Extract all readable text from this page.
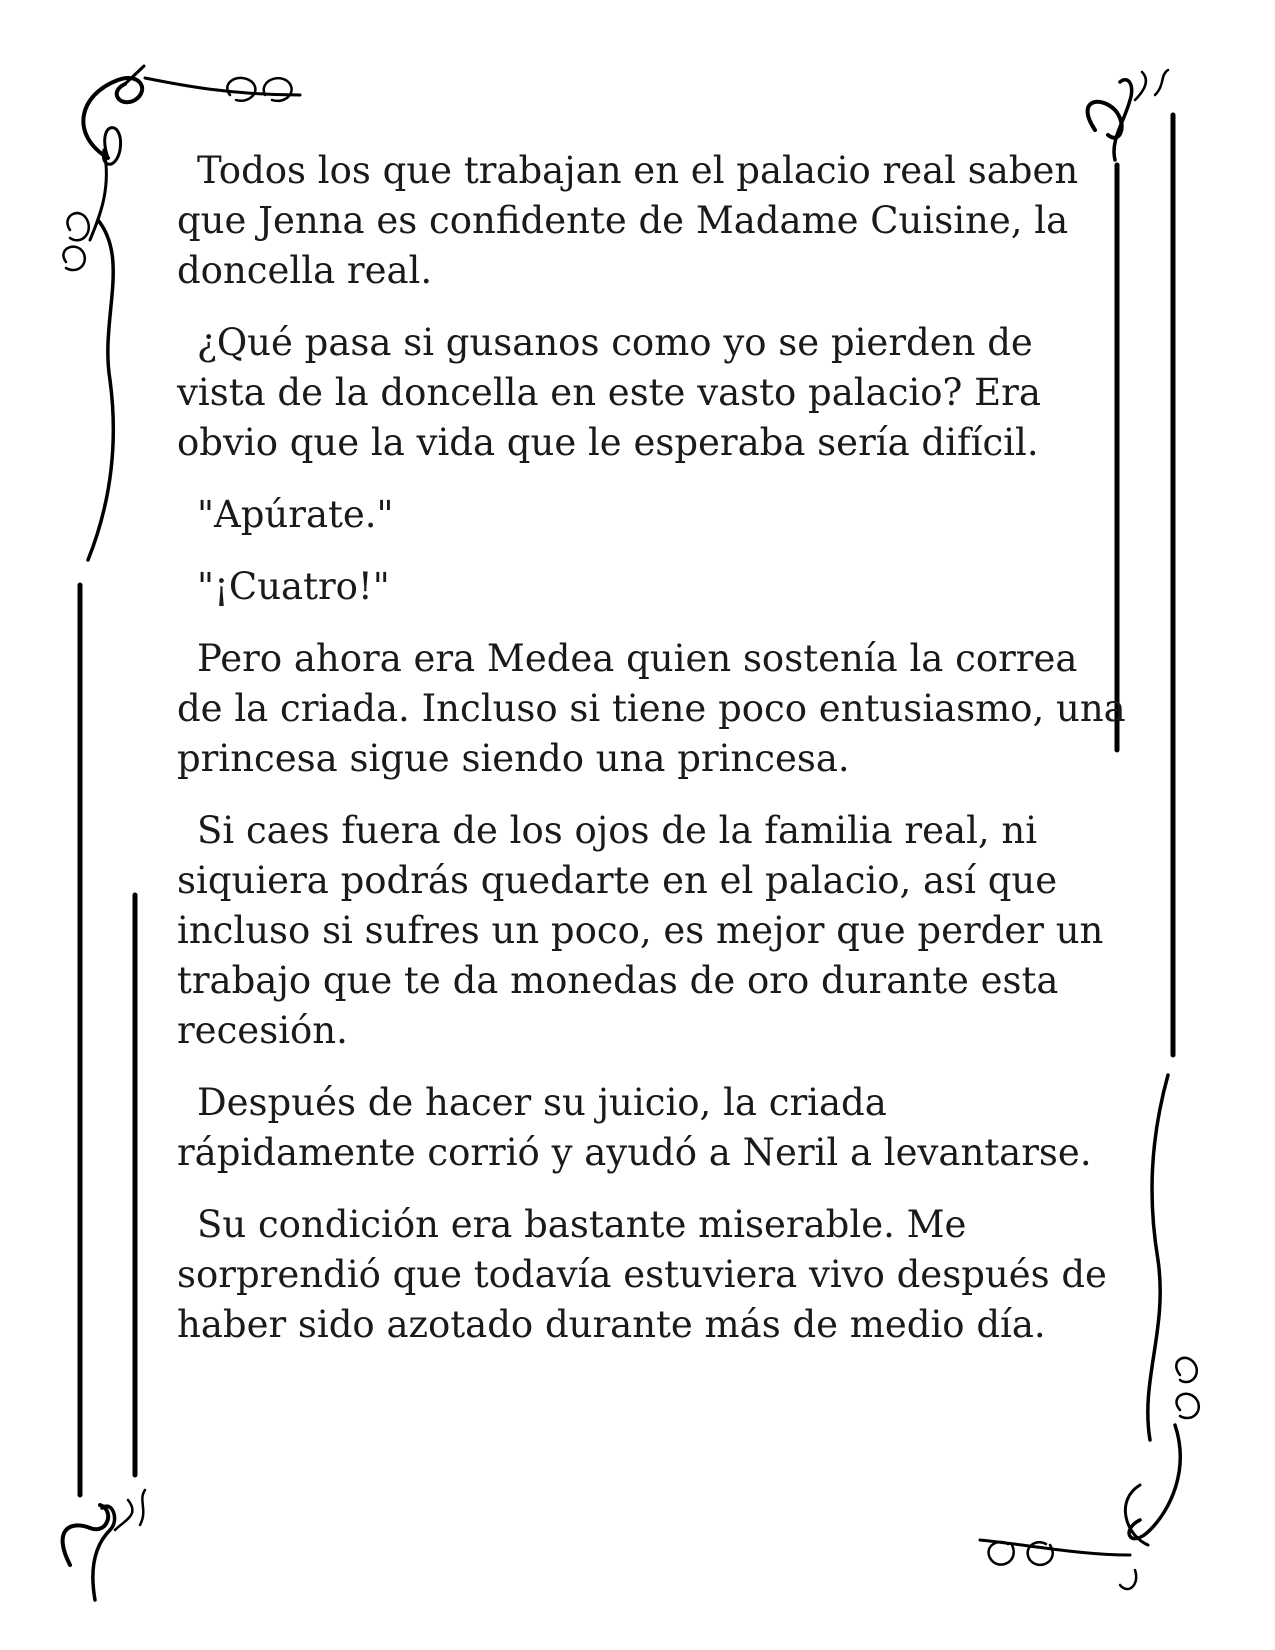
Todos los que trabajan en el palacio real saben que Jenna es confidente de Madame Cuisine, la doncella real.

¿Qué pasa si gusanos como yo se pierden de vista de la doncella en este vasto palacio? Era obvio que la vida que le esperaba sería difícil.

"Apúrate."

"¡Cuatro!"

Pero ahora era Medea quien sostenía la correa de la criada. Incluso si tiene poco entusiasmo, una princesa sigue siendo una princesa.

Si caes fuera de los ojos de la familia real, ni siquiera podrás quedarte en el palacio, así que incluso si sufres un poco, es mejor que perder un trabajo que te da monedas de oro durante esta recesión.

Después de hacer su juicio, la criada rápidamente corrió y ayudó a Neril a levantarse.

Su condición era bastante miserable. Me sorprendió que todavía estuviera vivo después de haber sido azotado durante más de medio día.
